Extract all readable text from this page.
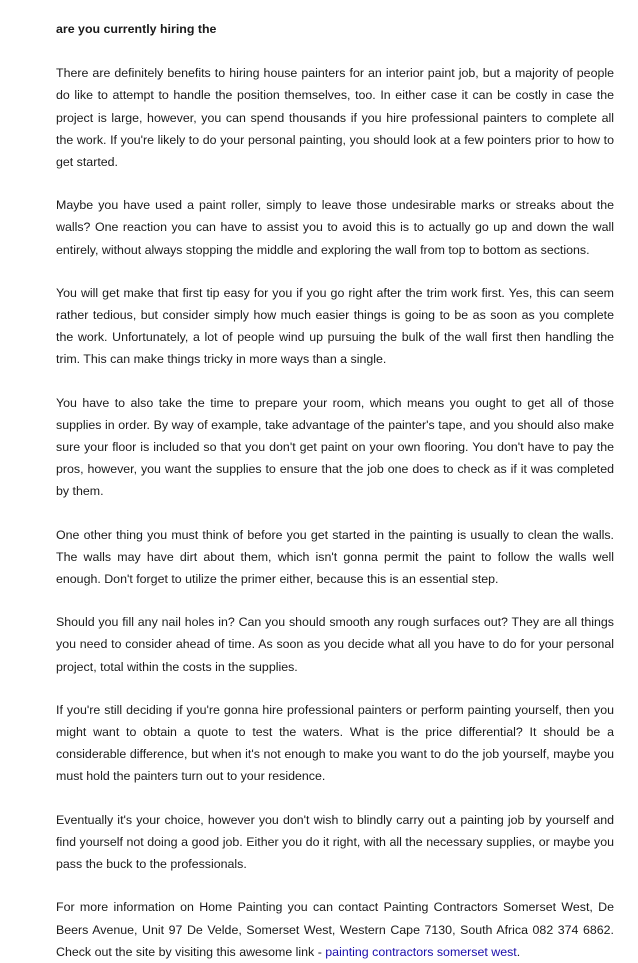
are you currently hiring the

There are definitely benefits to hiring house painters for an interior paint job, but a majority of people do like to attempt to handle the position themselves, too. In either case it can be costly in case the project is large, however, you can spend thousands if you hire professional painters to complete all the work. If you're likely to do your personal painting, you should look at a few pointers prior to how to get started.

Maybe you have used a paint roller, simply to leave those undesirable marks or streaks about the walls? One reaction you can have to assist you to avoid this is to actually go up and down the wall entirely, without always stopping the middle and exploring the wall from top to bottom as sections.

You will get make that first tip easy for you if you go right after the trim work first. Yes, this can seem rather tedious, but consider simply how much easier things is going to be as soon as you complete the work. Unfortunately, a lot of people wind up pursuing the bulk of the wall first then handling the trim. This can make things tricky in more ways than a single.

You have to also take the time to prepare your room, which means you ought to get all of those supplies in order. By way of example, take advantage of the painter's tape, and you should also make sure your floor is included so that you don't get paint on your own flooring. You don't have to pay the pros, however, you want the supplies to ensure that the job one does to check as if it was completed by them.

One other thing you must think of before you get started in the painting is usually to clean the walls. The walls may have dirt about them, which isn't gonna permit the paint to follow the walls well enough. Don't forget to utilize the primer either, because this is an essential step.

Should you fill any nail holes in? Can you should smooth any rough surfaces out? They are all things you need to consider ahead of time. As soon as you decide what all you have to do for your personal project, total within the costs in the supplies.

If you're still deciding if you're gonna hire professional painters or perform painting yourself, then you might want to obtain a quote to test the waters. What is the price differential? It should be a considerable difference, but when it's not enough to make you want to do the job yourself, maybe you must hold the painters turn out to your residence.

Eventually it's your choice, however you don't wish to blindly carry out a painting job by yourself and find yourself not doing a good job. Either you do it right, with all the necessary supplies, or maybe you pass the buck to the professionals.

For more information on Home Painting you can contact Painting Contractors Somerset West, De Beers Avenue, Unit 97 De Velde, Somerset West, Western Cape 7130, South Africa 082 374 6862. Check out the site by visiting this awesome link - painting contractors somerset west.
